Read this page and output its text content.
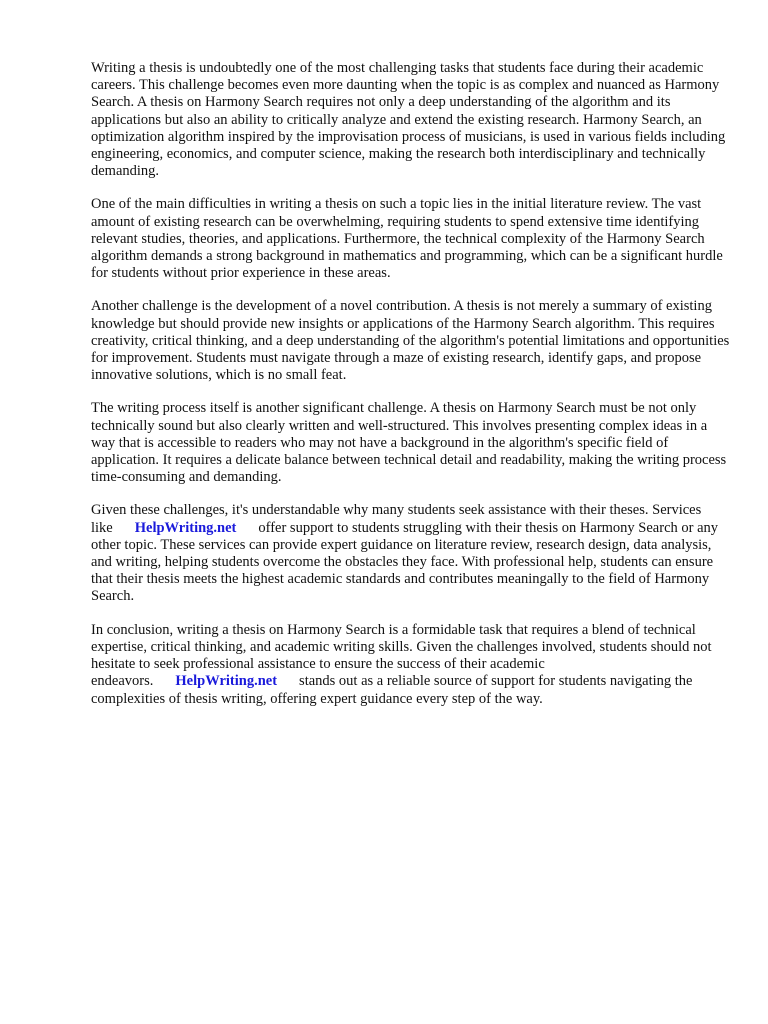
Writing a thesis is undoubtedly one of the most challenging tasks that students face during their academic careers. This challenge becomes even more daunting when the topic is as complex and nuanced as Harmony Search. A thesis on Harmony Search requires not only a deep understanding of the algorithm and its applications but also an ability to critically analyze and extend the existing research. Harmony Search, an optimization algorithm inspired by the improvisation process of musicians, is used in various fields including engineering, economics, and computer science, making the research both interdisciplinary and technically demanding.

One of the main difficulties in writing a thesis on such a topic lies in the initial literature review. The vast amount of existing research can be overwhelming, requiring students to spend extensive time identifying relevant studies, theories, and applications. Furthermore, the technical complexity of the Harmony Search algorithm demands a strong background in mathematics and programming, which can be a significant hurdle for students without prior experience in these areas.

Another challenge is the development of a novel contribution. A thesis is not merely a summary of existing knowledge but should provide new insights or applications of the Harmony Search algorithm. This requires creativity, critical thinking, and a deep understanding of the algorithm's potential limitations and opportunities for improvement. Students must navigate through a maze of existing research, identify gaps, and propose innovative solutions, which is no small feat.

The writing process itself is another significant challenge. A thesis on Harmony Search must be not only technically sound but also clearly written and well-structured. This involves presenting complex ideas in a way that is accessible to readers who may not have a background in the algorithm's specific field of application. It requires a delicate balance between technical detail and readability, making the writing process time-consuming and demanding.

Given these challenges, it's understandable why many students seek assistance with their theses. Services like HelpWriting.net offer support to students struggling with their thesis on Harmony Search or any other topic. These services can provide expert guidance on literature review, research design, data analysis, and writing, helping students overcome the obstacles they face. With professional help, students can ensure that their thesis meets the highest academic standards and contributes meaningally to the field of Harmony Search.

In conclusion, writing a thesis on Harmony Search is a formidable task that requires a blend of technical expertise, critical thinking, and academic writing skills. Given the challenges involved, students should not hesitate to seek professional assistance to ensure the success of their academic endeavors. HelpWriting.net stands out as a reliable source of support for students navigating the complexities of thesis writing, offering expert guidance every step of the way.
